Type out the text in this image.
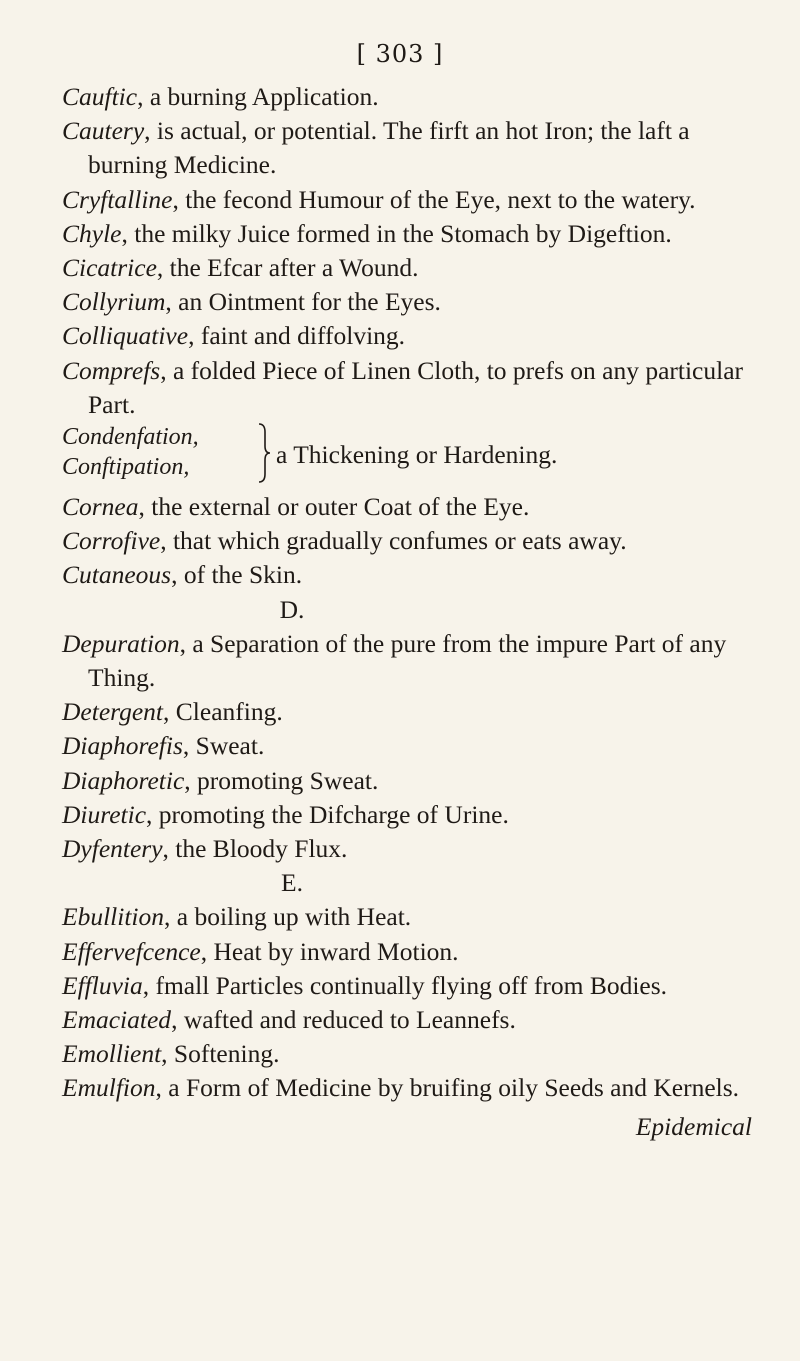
[ 303 ]

Cauftic, a burning Application.

Cautery, is actual, or potential. The firft an hot Iron; the laft a burning Medicine.

Cryftalline, the fecond Humour of the Eye, next to the watery.

Chyle, the milky Juice formed in the Stomach by Digeftion.

Cicatrice, the Efcar after a Wound.

Collyrium, an Ointment for the Eyes.

Colliquative, faint and diffolving.

Comprefs, a folded Piece of Linen Cloth, to prefs on any particular Part.

Condenfation,
Conftipation,	a Thickening or Hardening.

Cornea, the external or outer Coat of the Eye.

Corrofive, that which gradually confumes or eats away.

Cutaneous, of the Skin.

D.

Depuration, a Separation of the pure from the impure Part of any Thing.

Detergent, Cleanfing.

Diaphorefis, Sweat.

Diaphoretic, promoting Sweat.

Diuretic, promoting the Difcharge of Urine.

Dyfentery, the Bloody Flux.

E.

Ebullition, a boiling up with Heat.

Effervefcence, Heat by inward Motion.

Effluvia, fmall Particles continually flying off from Bodies.

Emaciated, wafted and reduced to Leannefs.

Emollient, Softening.

Emulfion, a Form of Medicine by bruifing oily Seeds and Kernels.

Epidemical
